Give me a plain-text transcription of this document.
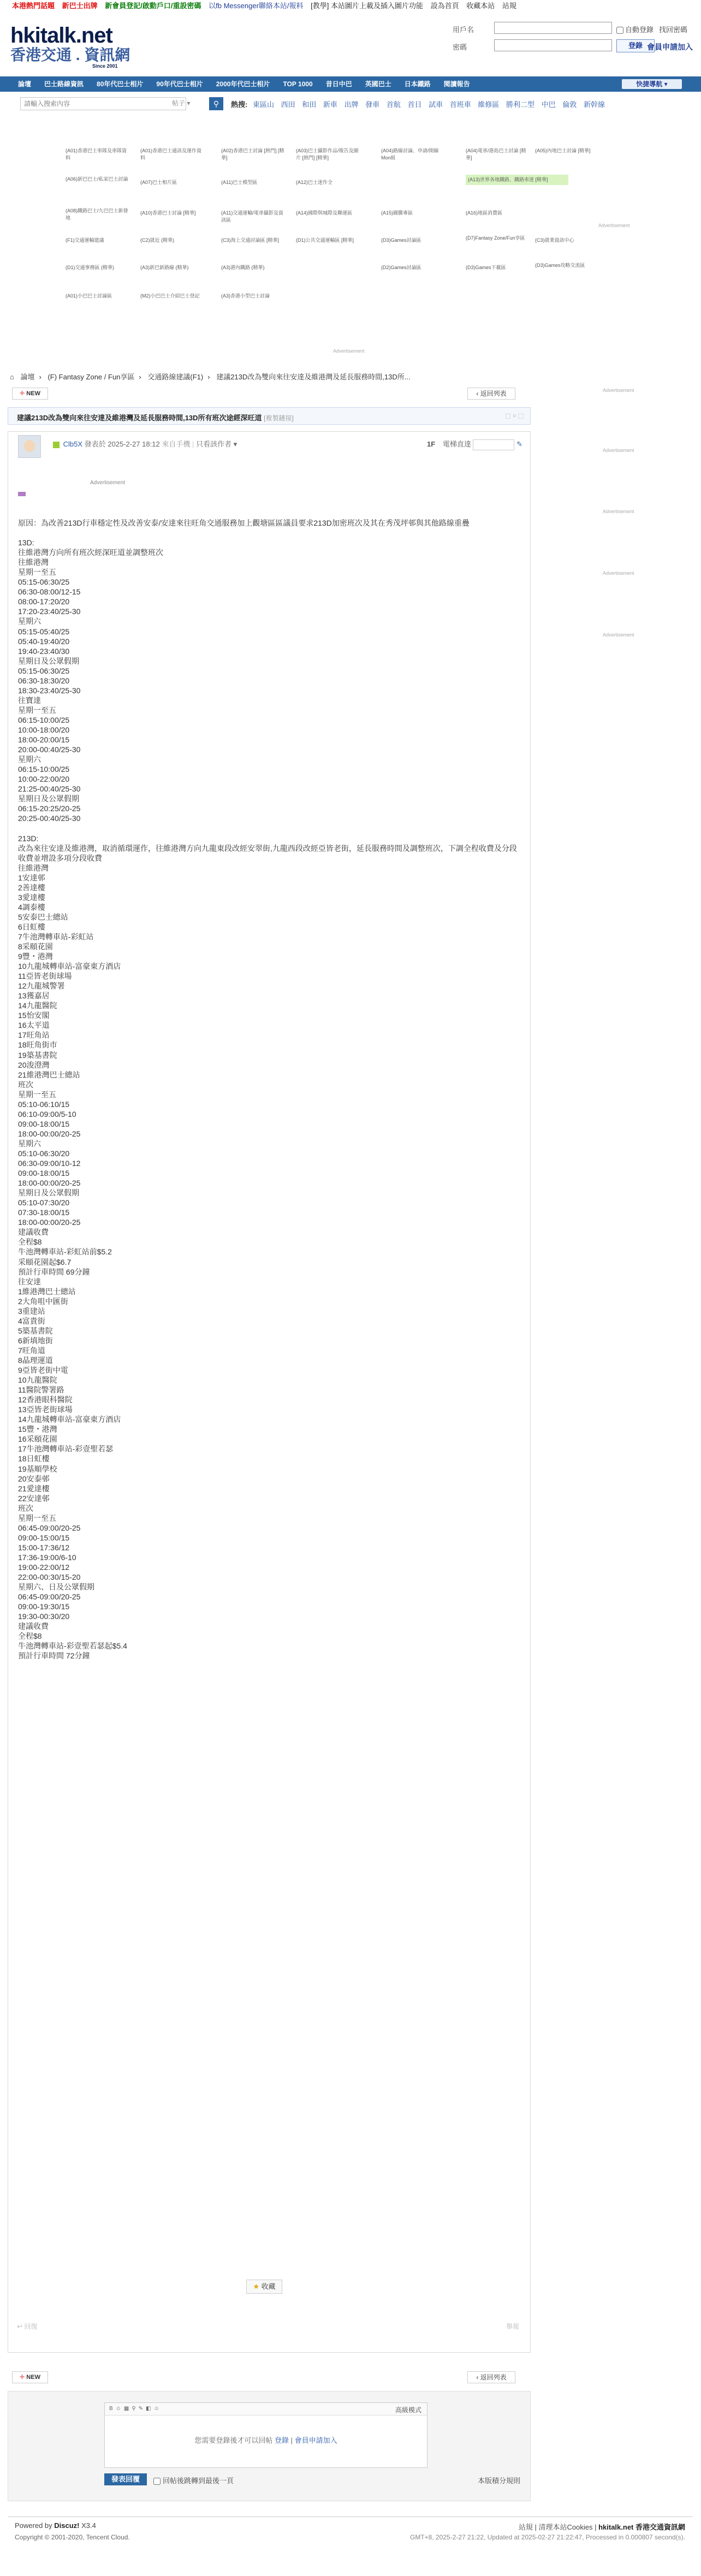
本港熱門話題 新巴士出牌 新會員登記/啟動戶口/重設密碼 以fb Messenger聯絡本站/報料 [教學] 本站圖片上載及插入圖片功能 設為首頁 收藏本站 站規
hkitalk.net
香港交通 . 資訊網
Since 2001
用戶名	自動登錄 找回密碼
密碼	登錄 會員申請加入
論壇	巴士路線資訊	80年代巴士相片	90年代巴士相片	2000年代巴士相片	TOP 1000	昔日中巴	英國巴士	日本鐵路	閱讀報告	快捷導航 ▾
請輸入搜索內容
帖子 ▾	⚲	熱搜: 東區山 西田 和田 新車 出牌 發車 首航 首日 試車 首班車 維修區 勝利二型 中巴 倫敦 新幹線
(A01)香港巴士車隊及車隊資料
(A01)香港巴士通訊及運作資料
(A02)香港巴士討論 [熱門] [精華]
(A03)巴士攝影作品/報告及圖片 [熱門] [精華]
(A04)路線討論、申請/開線 Mon組
(A04)電車/港島巴士討論 [精華]
(A05)內地巴士討論 [精華]
(A06)新巴巴士/私家巴士討論
(A07)巴士相片區	(A11)巴士模型區	(A12)巴士迷作全	(A13)世界各地鐵路、鐵路車迷 [精華]
(A08)鐵路巴士/九巴巴士新發地
(A10)香港巴士討論 [精華]	(A11)交通運輸/電車攝影及資訊區
(A14)國際與城際及聯運區	(A15)圖騰專區	(A16)地區消費區
(F1)交通運輸建議	(C2)就近 (精華)	(C3)海上交通討論區 [精華]	(D1)公共交通運輸區 [精華]	(D3)Games討論區	(D7)Fantasy Zone/Fun享區	(C3)就業資訊中心
(D1)交通事務區 (精華)	(A3)新巴新路線 (精華)	(A3)港內鐵路 (精華)	(D2)Games討論區	(D3)Games下載區	(D3)Games攻略交流區
(A01)小巴巴士討論區	(M2)小巴巴士介紹巴士登記	(A3)香港小型巴士討論
Advertisement
Advertisement
Advertisement
Advertisement
Advertisement
Advertisement
Advertisement
⌂ 論壇 › (F) Fantasy Zone / Fun享區 › 交通路線建議(F1) › 建議213D改為雙向來往安達及維港灣及延長服務時間,13D所...
✚ NEW	‹ 返回列表
建議213D改為雙向來往安達及維港灣及延長服務時間,13D所有班次途經深旺道 [複製鏈接]	⬚ ○ ⬚
Clb5X 發表於 2025-2-27 18:12 來自手機 | 只看該作者 ▾	1F 電梯直達	✎
Advertisement
原因：為改善213D行車穩定性及改善安泰/安達來往旺角交通服務加上觀塘區區議員要求213D加密班次及其在秀茂坪邨與其他路線重疊

13D:
往維港灣方向所有班次經深旺道並調整班次
往維港灣
星期一至五
05:15-06:30/25
06:30-08:00/12-15
08:00-17:20/20
17:20-23:40/25-30
星期六
05:15-05:40/25
05:40-19:40/20
19:40-23:40/30
星期日及公眾假期
05:15-06:30/25
06:30-18:30/20
18:30-23:40/25-30
往寶達
星期一至五
06:15-10:00/25
10:00-18:00/20
18:00-20:00/15
20:00-00:40/25-30
星期六
06:15-10:00/25
10:00-22:00/20
21:25-00:40/25-30
星期日及公眾假期
06:15-20:25/20-25
20:25-00:40/25-30

213D:
改為來往安達及維港灣，取消循環運作，往維港灣方向九龍東段改經安翠街,九龍西段改經亞皆老街，延長服務時間及調整班次，下調全程收費及分段收費並增設多項分段收費
往維港灣
1安達邨
2善達樓
3愛達樓
4調泰樓
5安泰巴士總站
6日虹樓
7牛池灣轉車站-彩虹站
8采頤花園
9豐・港灣
10九龍城轉車站-富豪東方酒店
11亞皆老街球場
12九龍城警署
13獲嘉居
14九龍醫院
15怡安閣
16太平道
17旺角站
18旺角街市
19築基書院
20浚澄灣
21維港灣巴士總站
班次
星期一至五
05:10-06:10/15
06:10-09:00/5-10
09:00-18:00/15
18:00-00:00/20-25
星期六
05:10-06:30/20
06:30-09:00/10-12
09:00-18:00/15
18:00-00:00/20-25
星期日及公眾假期
05:10-07:30/20
07:30-18:00/15
18:00-00:00/20-25
建議收費
全程$8
牛池灣轉車站-彩虹站前$5.2
采頤花園起$6.7
預計行車時間 69分鐘
往安達
1維港灣巴士總站
2大角咀中匯街
3重建站
4富貴街
5築基書院
6新填地街
7旺角道
8晶理運道
9亞皆老街中電
10九龍醫院
11醫院警署路
12香港眼科醫院
13亞皆老街球場
14九龍城轉車站-富豪東方酒店
15豐・港灣
16采頤花園
17牛池灣轉車站-彩壹聖若瑟
18日虹樓
19基順學校
20安泰邨
21愛達樓
22安達邨
班次
星期一至五
06:45-09:00/20-25
09:00-15:00/15
15:00-17:36/12
17:36-19:00/6-10
19:00-22:00/12
22:00-00:30/15-20
星期六、日及公眾假期
06:45-09:00/20-25
09:00-19:30/15
19:30-00:30/20
建議收費
全程$8
牛池灣轉車站-彩壹聖若瑟起$5.4
預計行車時間 72分鐘
★ 收藏
↩ 回復	舉報
✚ NEW	‹ 返回列表
B☺▦⚲✎◧☺	高級模式
您需要登錄後才可以回帖 登錄 | 會員申請加入
發表回覆	回帖後跳轉到最後一頁	本版積分規則
Powered by Discuz! X3.4
Copyright © 2001-2020, Tencent Cloud.
站規 | 清理本站Cookies | hkitalk.net 香港交通資訊網
GMT+8, 2025-2-27 21:22, Updated at 2025-02-27 21:22:47, Processed in 0.000807 second(s).
